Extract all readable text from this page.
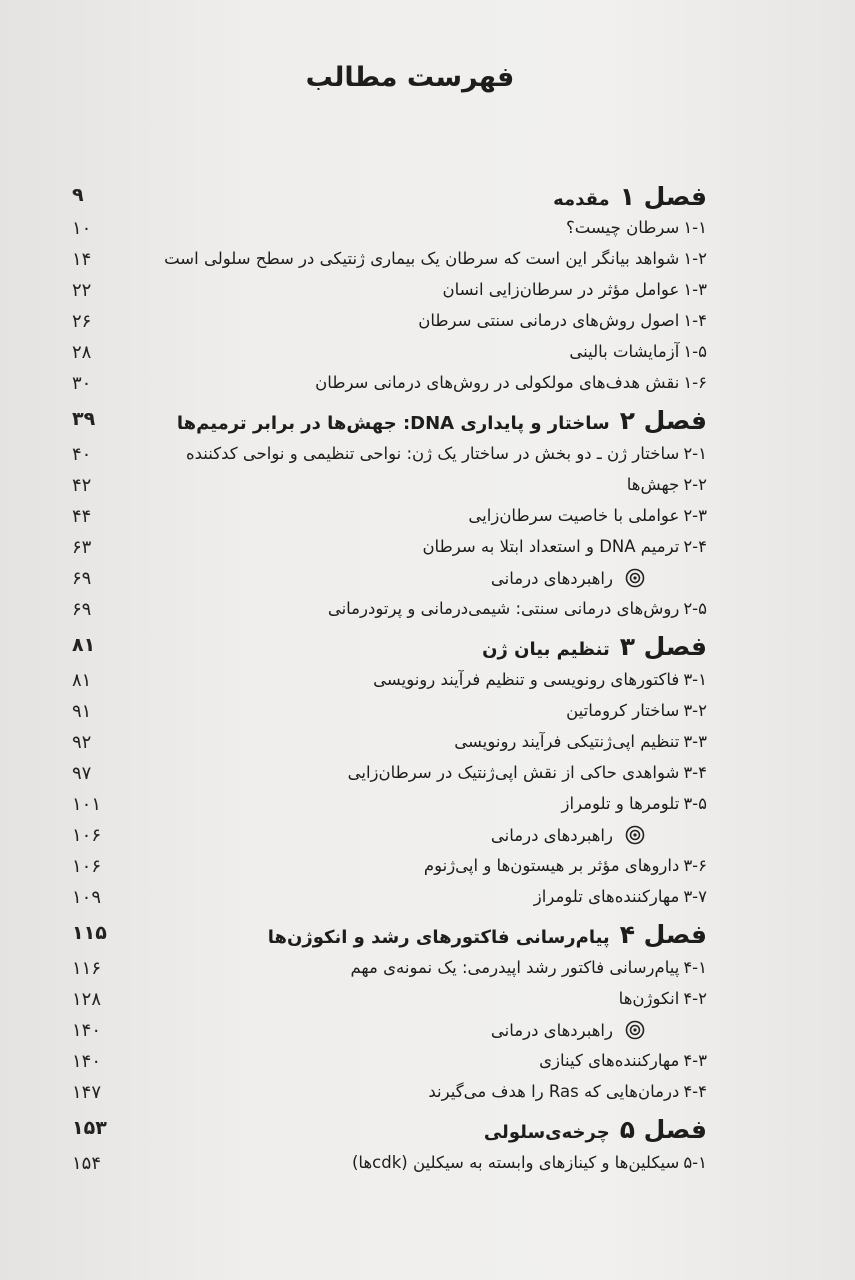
فهرست مطالب
۹	فصل ۱مقدمه
۱۰	۱-۱سرطان چیست؟
۱۴	۱-۲شواهد بیانگر این است که سرطان یک بیماری ژنتیکی در سطح سلولی است
۲۲	۱-۳عوامل مؤثر در سرطان‌زایی انسان
۲۶	۱-۴اصول روش‌های درمانی سنتی سرطان
۲۸	۱-۵آزمایشات بالینی
۳۰	۱-۶نقش هدف‌های مولکولی در روش‌های درمانی سرطان
۳۹	فصل ۲ساختار و پایداری DNA: جهش‌ها در برابر ترمیم‌ها
۴۰	۲-۱ساختار ژن ـ دو بخش در ساختار یک ژن: نواحی تنظیمی و نواحی کدکننده
۴۲	۲-۲جهش‌ها
۴۴	۲-۳عواملی با خاصیت سرطان‌زایی
۶۳	۲-۴ترمیم DNA و استعداد ابتلا به سرطان
۶۹	راهبردهای درمانی
۶۹	۲-۵روش‌های درمانی سنتی: شیمی‌درمانی و پرتودرمانی
۸۱	فصل ۳تنظیم بیان ژن
۸۱	۳-۱فاکتورهای رونویسی و تنظیم فرآیند رونویسی
۹۱	۳-۲ساختار کروماتین
۹۲	۳-۳تنظیم اپی‌ژنتیکی فرآیند رونویسی
۹۷	۳-۴شواهدی حاکی از نقش اپی‌ژنتیک در سرطان‌زایی
۱۰۱	۳-۵تلومرها و تلومراز
۱۰۶	راهبردهای درمانی
۱۰۶	۳-۶داروهای مؤثر بر هیستون‌ها و اپی‌ژنوم
۱۰۹	۳-۷مهارکننده‌های تلومراز
۱۱۵	فصل ۴پیام‌رسانی فاکتورهای رشد و انکوژن‌ها
۱۱۶	۴-۱پیام‌رسانی فاکتور رشد اپیدرمی: یک نمونه‌ی مهم
۱۲۸	۴-۲انکوژن‌ها
۱۴۰	راهبردهای درمانی
۱۴۰	۴-۳مهارکننده‌های کینازی
۱۴۷	۴-۴درمان‌هایی که Ras را هدف می‌گیرند
۱۵۳	فصل ۵چرخه‌ی‌سلولی
۱۵۴	۵-۱سیکلین‌ها و کینازهای وابسته به سیکلین (cdkها)
